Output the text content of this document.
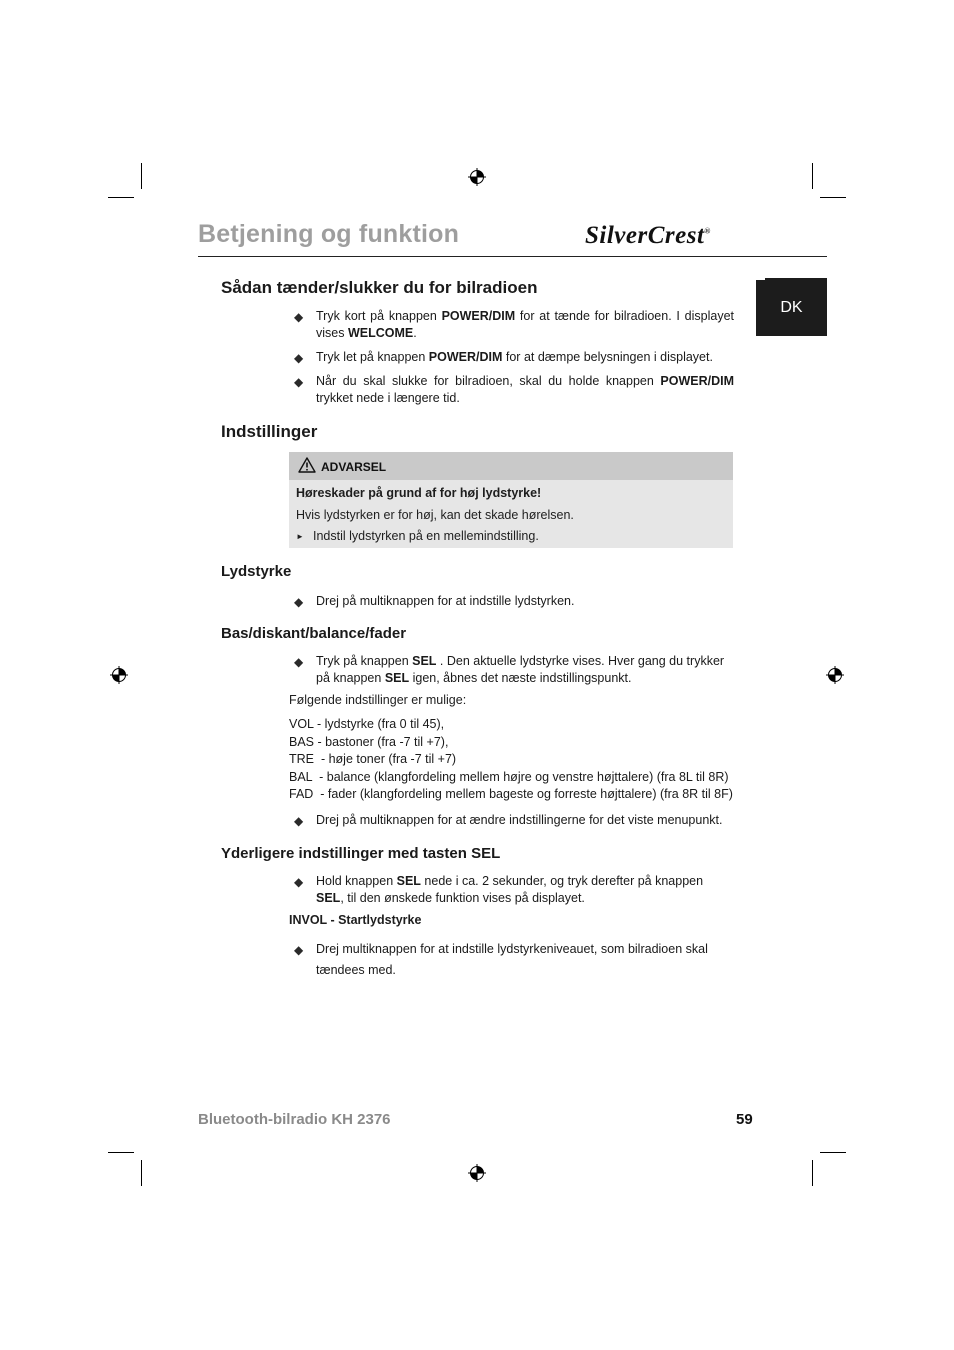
Betjening og funktion	SilverCrest®
DK
Sådan tænder/slukker du for bilradioen
◆ Tryk kort på knappen POWER/DIM for at tænde for bilradioen. I displayet vises WELCOME.
◆ Tryk let på knappen POWER/DIM for at dæmpe belysningen i displayet.
◆ Når du skal slukke for bilradioen, skal du holde knappen POWER/DIM trykket nede i længere tid.
Indstillinger
ADVARSEL
Høreskader på grund af for høj lydstyrke!
Hvis lydstyrken er for høj, kan det skade hørelsen.
► Indstil lydstyrken på en mellemindstilling.
Lydstyrke
◆ Drej på multiknappen for at indstille lydstyrken.
Bas/diskant/balance/fader
◆ Tryk på knappen SEL . Den aktuelle lydstyrke vises. Hver gang du trykker på knappen SEL igen, åbnes det næste indstillingspunkt.
Følgende indstillinger er mulige:
VOL - lydstyrke (fra 0 til 45),
BAS - bastoner (fra -7 til +7),
TRE  - høje toner (fra -7 til +7)
BAL  - balance (klangfordeling mellem højre og venstre højttalere) (fra 8L til 8R)
FAD  - fader (klangfordeling mellem bageste og forreste højttalere) (fra 8R til 8F)
◆ Drej på multiknappen for at ændre indstillingerne for det viste menupunkt.
Yderligere indstillinger med tasten SEL
◆ Hold knappen SEL nede i ca. 2 sekunder, og tryk derefter på knappen SEL, til den ønskede funktion vises på displayet.
INVOL - Startlydstyrke
◆ Drej multiknappen for at indstille lydstyrkeniveauet, som bilradioen skal tændees med.
Bluetooth-bilradio KH 2376	59
